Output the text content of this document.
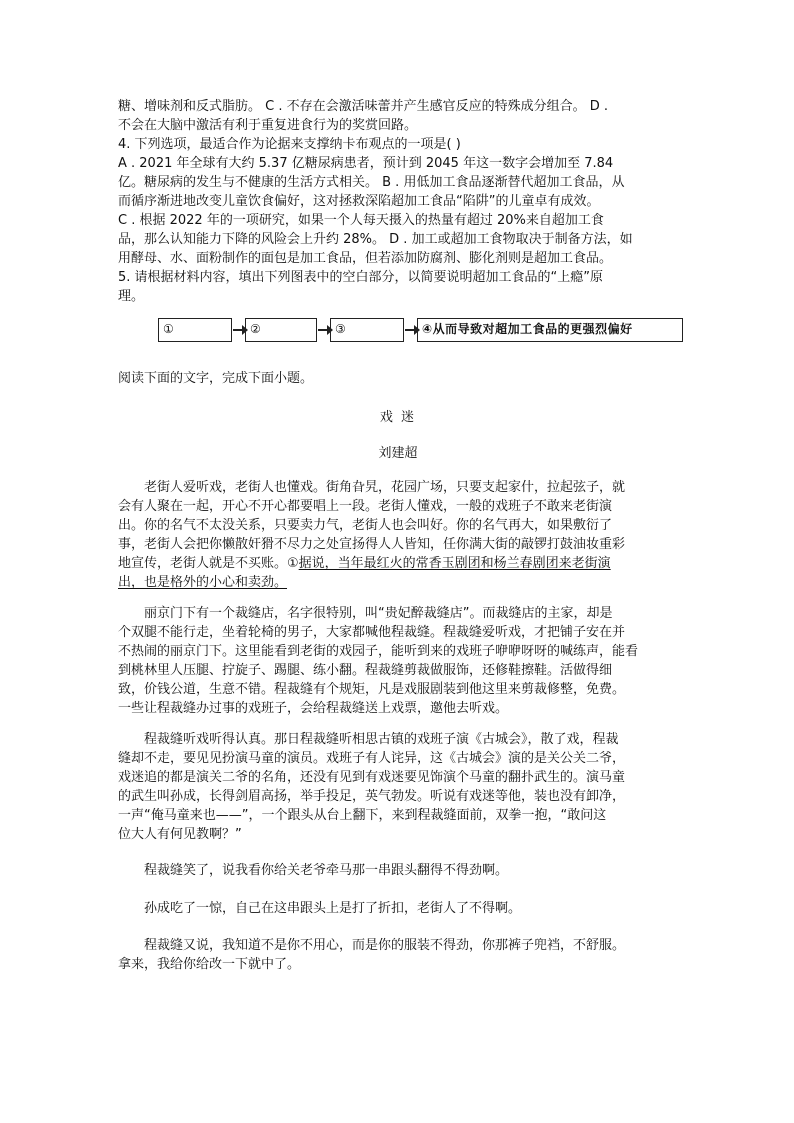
糖、增味剂和反式脂肪。 C . 不存在会激活味蕾并产生感官反应的特殊成分组合。 D .
不会在大脑中激活有利于重复进食行为的奖赏回路。
4. 下列选项，最适合作为论据来支撑纳卡布观点的一项是( )
A . 2021 年全球有大约 5.37 亿糖尿病患者，预计到 2045 年这一数字会增加至 7.84
亿。糖尿病的发生与不健康的生活方式相关。 B . 用低加工食品逐渐替代超加工食品，从
而循序渐进地改变儿童饮食偏好，这对拯救深陷超加工食品“陷阱”的儿童卓有成效。
C . 根据 2022 年的一项研究，如果一个人每天摄入的热量有超过 20%来自超加工食
品，那么认知能力下降的风险会上升约 28%。 D . 加工或超加工食物取决于制备方法，如
用酵母、水、面粉制作的面包是加工食品，但若添加防腐剂、膨化剂则是超加工食品。
5. 请根据材料内容，填出下列图表中的空白部分，以简要说明超加工食品的“上瘾”原
理。
①	②	③	④从而导致对超加工食品的更强烈偏好
阅读下面的文字，完成下面小题。
戏 迷
刘建超
老街人爱听戏，老街人也懂戏。街角旮旯，花园广场，只要支起家什，拉起弦子，就
会有人聚在一起，开心不开心都要唱上一段。老街人懂戏，一般的戏班子不敢来老街演
出。你的名气不太没关系，只要卖力气，老街人也会叫好。你的名气再大，如果敷衍了
事，老街人会把你懒散奸猾不尽力之处宣扬得人人皆知，任你满大街的敲锣打鼓油妆重彩
地宣传，老街人就是不买账。①据说，当年最红火的常香玉剧团和杨兰春剧团来老街演
出，也是格外的小心和卖劲。
丽京门下有一个裁缝店，名字很特别，叫“贵妃醉裁缝店”。而裁缝店的主家，却是
个双腿不能行走，坐着轮椅的男子，大家都喊他程裁缝。程裁缝爱听戏，才把铺子安在并
不热闹的丽京门下。这里能看到老街的戏园子，能听到来的戏班子咿咿呀呀的喊练声，能看
到桃林里人压腿、拧旋子、踢腿、练小翻。程裁缝剪裁做服饰，还修鞋擦鞋。活做得细
致，价钱公道，生意不错。程裁缝有个规矩，凡是戏服剧装到他这里来剪裁修整，免费。
一些让程裁缝办过事的戏班子，会给程裁缝送上戏票，邀他去听戏。
程裁缝听戏听得认真。那日程裁缝听相思古镇的戏班子演《古城会》，散了戏，程裁
缝却不走，要见见扮演马童的演员。戏班子有人诧异，这《古城会》演的是关公关二爷，
戏迷追的都是演关二爷的名角，还没有见到有戏迷要见饰演个马童的翻扑武生的。演马童
的武生叫孙成，长得剑眉高扬，举手投足，英气勃发。听说有戏迷等他，装也没有卸净，
一声“俺马童来也——”，一个跟头从台上翻下，来到程裁缝面前，双拳一抱，“敢问这
位大人有何见教啊？”
程裁缝笑了，说我看你给关老爷牵马那一串跟头翻得不得劲啊。
孙成吃了一惊，自己在这串跟头上是打了折扣，老街人了不得啊。
程裁缝又说，我知道不是你不用心，而是你的服装不得劲，你那裤子兜裆，不舒服。
拿来，我给你给改一下就中了。
